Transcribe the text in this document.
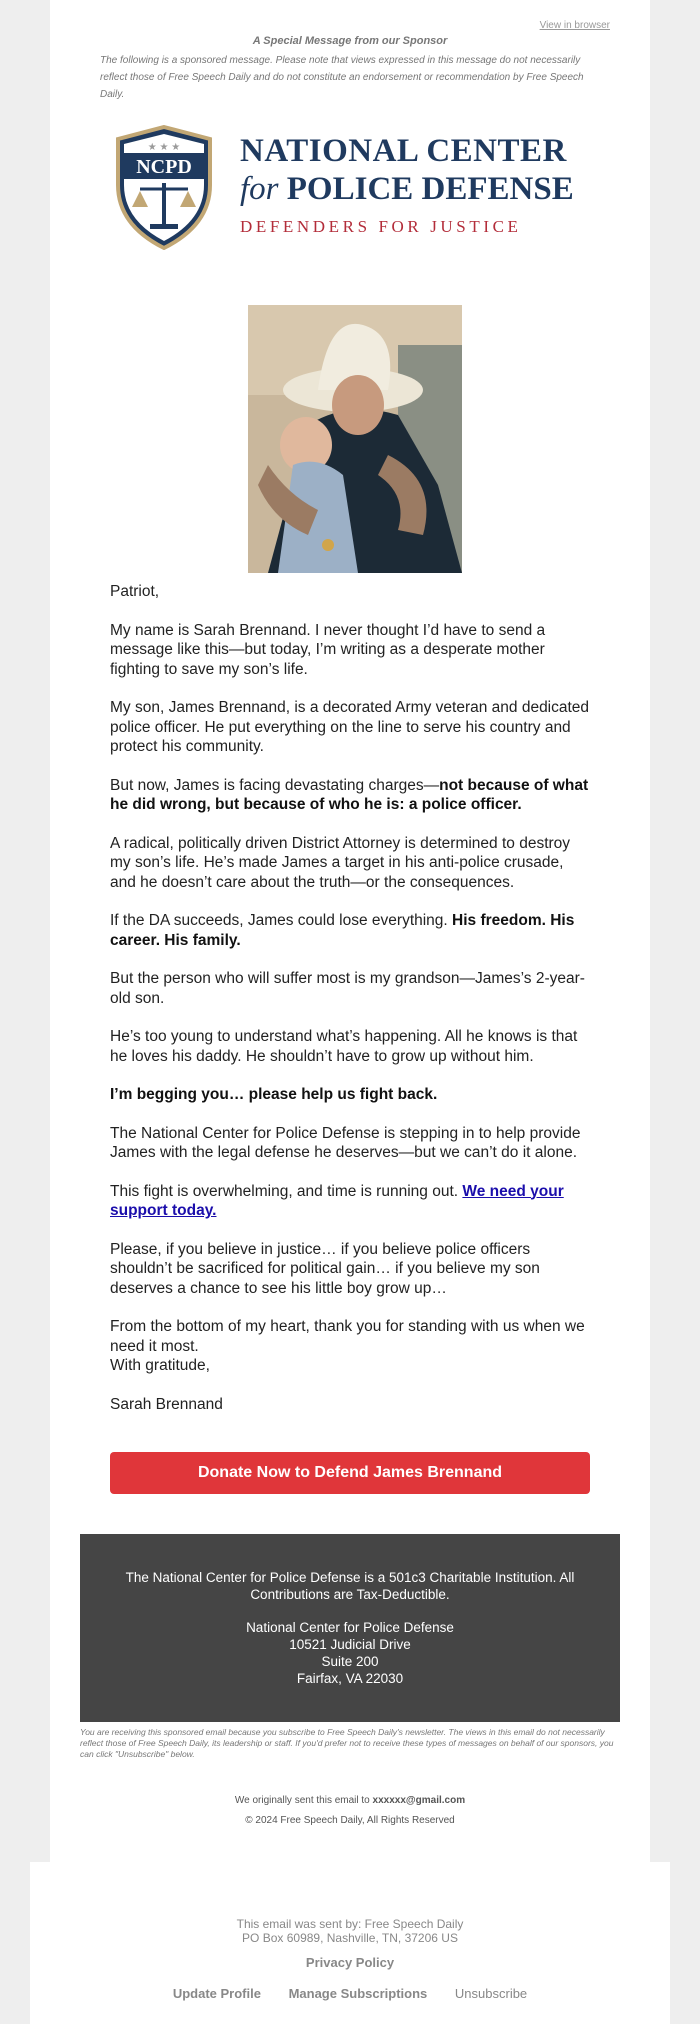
View in browser
A Special Message from our Sponsor
The following is a sponsored message. Please note that views expressed in this message do not necessarily reflect those of Free Speech Daily and do not constitute an endorsement or recommendation by Free Speech Daily.
NCPD
★ ★ ★ NATIONAL CENTER
for POLICE DEFENSE
DEFENDERS FOR JUSTICE

Patriot,

My name is Sarah Brennand. I never thought I’d have to send a message like this—but today, I’m writing as a desperate mother fighting to save my son’s life.

My son, James Brennand, is a decorated Army veteran and dedicated police officer. He put everything on the line to serve his country and protect his community.

But now, James is facing devastating charges—not because of what he did wrong, but because of who he is: a police officer.

A radical, politically driven District Attorney is determined to destroy my son’s life. He’s made James a target in his anti-police crusade, and he doesn’t care about the truth—or the consequences.

If the DA succeeds, James could lose everything. His freedom. His career. His family.

But the person who will suffer most is my grandson—James’s 2-year-old son.

He’s too young to understand what’s happening. All he knows is that he loves his daddy. He shouldn’t have to grow up without him.

I’m begging you… please help us fight back.

The National Center for Police Defense is stepping in to help provide James with the legal defense he deserves—but we can’t do it alone.

This fight is overwhelming, and time is running out. We need your support today.

Please, if you believe in justice… if you believe police officers shouldn’t be sacrificed for political gain… if you believe my son deserves a chance to see his little boy grow up…

From the bottom of my heart, thank you for standing with us when we need it most.

With gratitude,

Sarah Brennand

Donate Now to Defend James Brennand
The National Center for Police Defense is a 501c3 Charitable Institution. All Contributions are Tax-Deductible.
National Center for Police Defense
10521 Judicial Drive
Suite 200
Fairfax, VA 22030
You are receiving this sponsored email because you subscribe to Free Speech Daily's newsletter. The views in this email do not necessarily reflect those of Free Speech Daily, its leadership or staff. If you'd prefer not to receive these types of messages on behalf of our sponsors, you can click "Unsubscribe" below.
We originally sent this email to xxxxxx@gmail.com
© 2024 Free Speech Daily, All Rights Reserved
This email was sent by: Free Speech Daily
PO Box 60989, Nashville, TN, 37206 US
Privacy Policy
Update Profile Manage Subscriptions Unsubscribe
